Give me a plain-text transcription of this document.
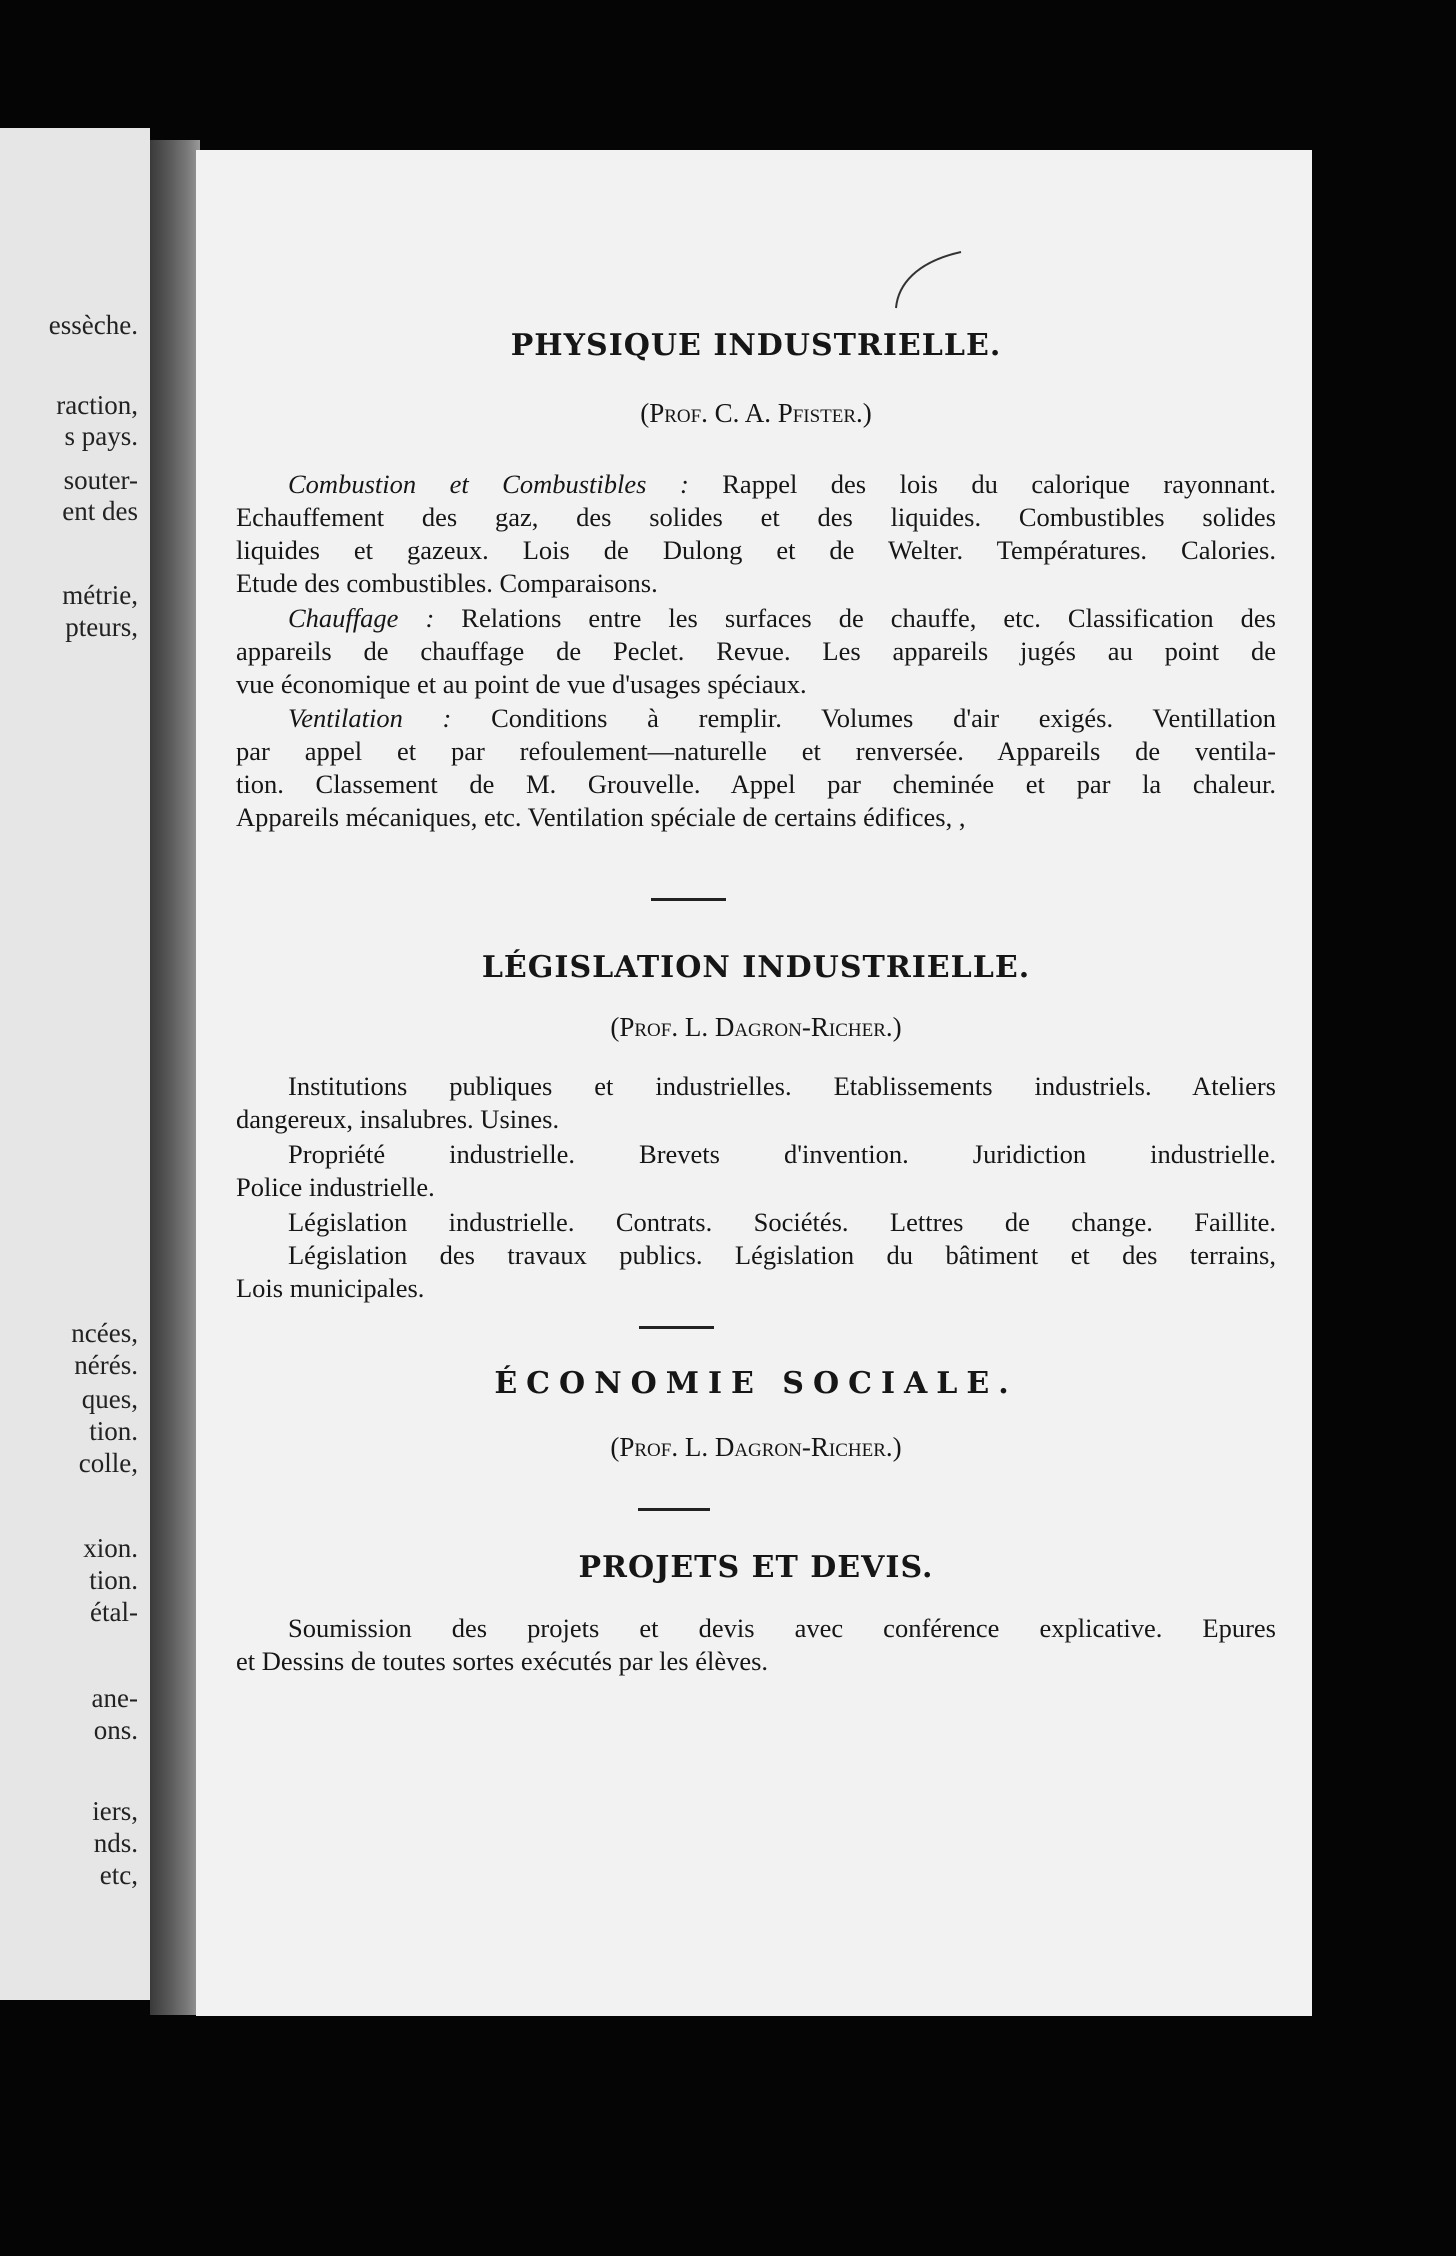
essèche.
raction,
s pays.
souter-
ent des
métrie,
pteurs,
ncées,
nérés.
ques,
tion.
colle,
xion.
tion.
étal-
ane-
ons.
iers,
nds.
etc,
PHYSIQUE INDUSTRIELLE.
(Prof. C. A. Pfister.)
Combustion et Combustibles : Rappel des lois du calorique rayonnant.
Echauffement des gaz, des solides et des liquides. Combustibles solides
liquides et gazeux. Lois de Dulong et de Welter. Températures. Calories.
Etude des combustibles. Comparaisons.
Chauffage : Relations entre les surfaces de chauffe, etc. Classification des
appareils de chauffage de Peclet. Revue. Les appareils jugés au point de
vue économique et au point de vue d'usages spéciaux.
Ventilation : Conditions à remplir. Volumes d'air exigés. Ventillation
par appel et par refoulement—naturelle et renversée. Appareils de ventila-
tion. Classement de M. Grouvelle. Appel par cheminée et par la chaleur.
Appareils mécaniques, etc. Ventilation spéciale de certains édifices, ,
LÉGISLATION INDUSTRIELLE.
(Prof. L. Dagron-Richer.)
Institutions publiques et industrielles. Etablissements industriels. Ateliers
dangereux, insalubres. Usines.
Propriété industrielle. Brevets d'invention. Juridiction industrielle.
Police industrielle.
Législation industrielle. Contrats. Sociétés. Lettres de change. Faillite.
Législation des travaux publics. Législation du bâtiment et des terrains,
Lois municipales.
ÉCONOMIE SOCIALE.
(Prof. L. Dagron-Richer.)
PROJETS ET DEVIS.
Soumission des projets et devis avec conférence explicative. Epures
et Dessins de toutes sortes exécutés par les élèves.
